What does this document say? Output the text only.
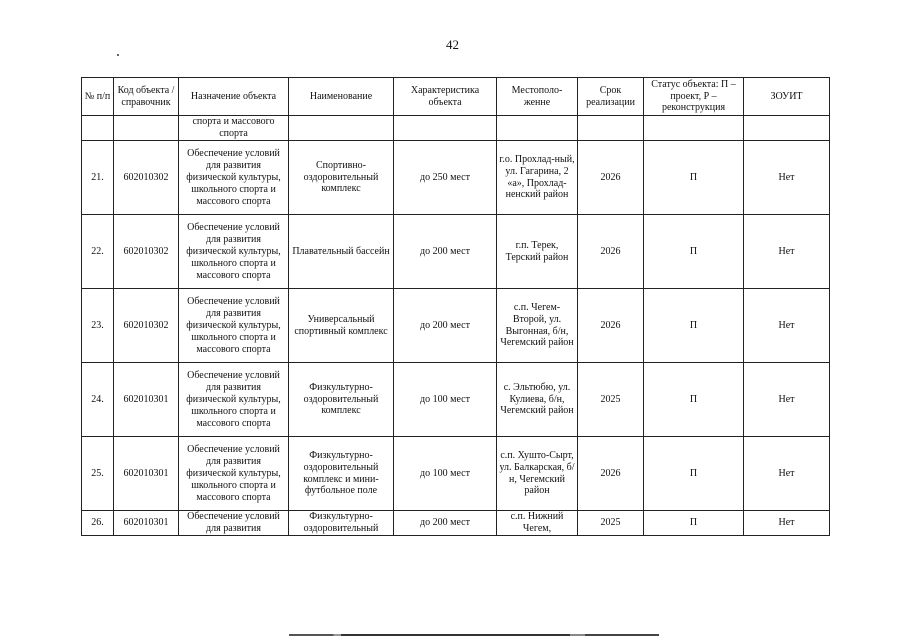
42
№ п/п	Код объекта / справочник	Назначение объекта	Наименование	Характеристика объекта	Местополо-женне	Срок реализации	Статус объекта: П – проект, Р – реконструкция	ЗОУИТ
		спорта и массового спорта						
21.	602010302	Обеспечение условий для развития физической культуры, школьного спорта и массового спорта	Спортивно-оздоровительный комплекс	до 250 мест	г.о. Прохлад-ный, ул. Гагарина, 2 «а», Прохлад-ненский район	2026	П	Нет
22.	602010302	Обеспечение условий для развития физической культуры, школьного спорта и массового спорта	Плавательный бассейн	до 200 мест	г.п. Терек, Терский район	2026	П	Нет
23.	602010302	Обеспечение условий для развития физической культуры, школьного спорта и массового спорта	Универсальный спортивный комплекс	до 200 мест	с.п. Чегем-Второй, ул. Выгонная, б/н, Чегемский район	2026	П	Нет
24.	602010301	Обеспечение условий для развития физической культуры, школьного спорта и массового спорта	Физкультурно-оздоровительный комплекс	до 100 мест	с. Эльтюбю, ул. Кулиева, б/н, Чегемский район	2025	П	Нет
25.	602010301	Обеспечение условий для развития физической культуры, школьного спорта и массового спорта	Физкультурно-оздоровительный комплекс и мини-футбольное поле	до 100 мест	с.п. Хушто-Сырт, ул. Балкарская, б/н, Чегемский район	2026	П	Нет
26.	602010301	Обеспечение условий для развития	Физкультурно-оздоровительный	до 200 мест	с.п. Нижний Чегем,	2025	П	Нет
